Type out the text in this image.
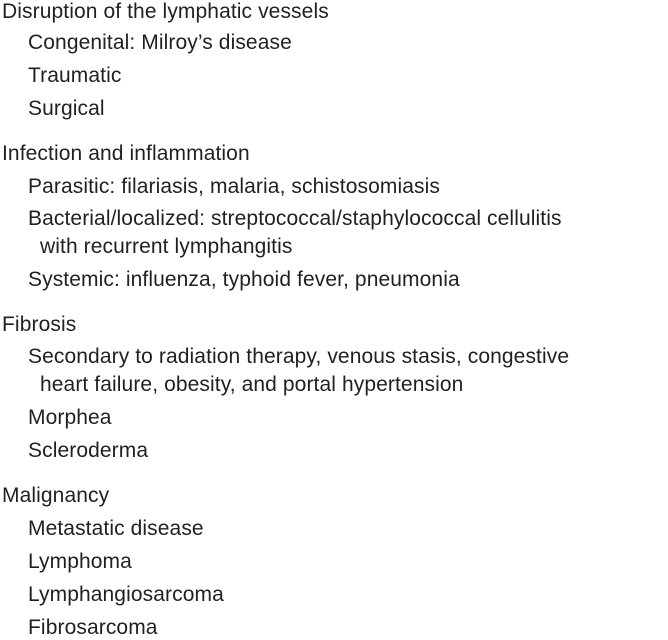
Disruption of the lymphatic vessels
Congenital: Milroy’s disease
Traumatic
Surgical
Infection and inflammation
Parasitic: filariasis, malaria, schistosomiasis
Bacterial/localized: streptococcal/staphylococcal cellulitis
with recurrent lymphangitis
Systemic: influenza, typhoid fever, pneumonia
Fibrosis
Secondary to radiation therapy, venous stasis, congestive
heart failure, obesity, and portal hypertension
Morphea
Scleroderma
Malignancy
Metastatic disease
Lymphoma
Lymphangiosarcoma
Fibrosarcoma
